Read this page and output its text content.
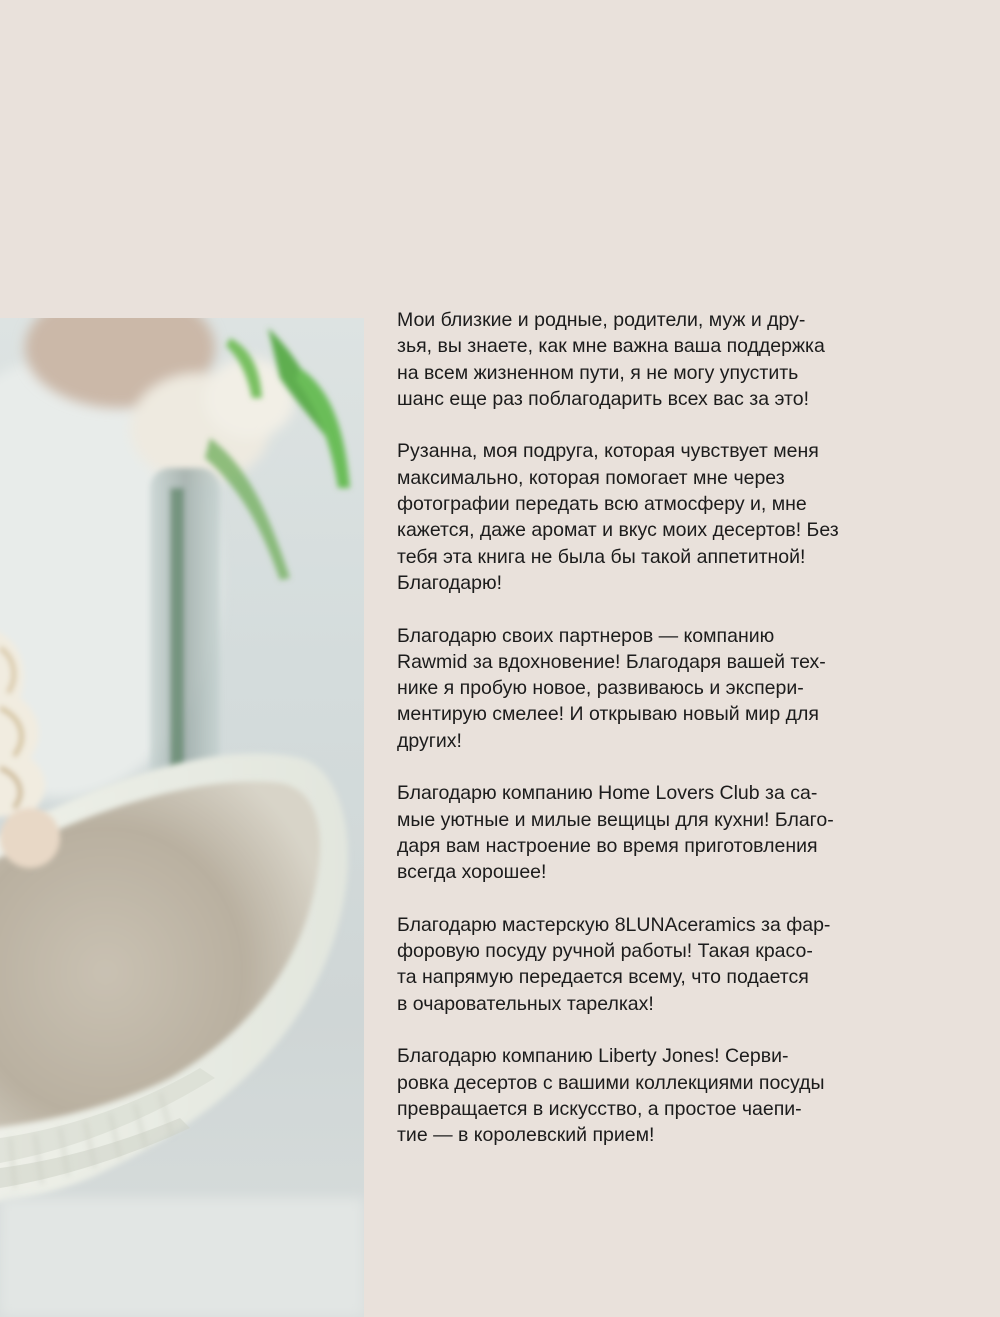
Мои близкие и родные, родители, муж и дру-
зья, вы знаете, как мне важна ваша поддержка
на всем жизненном пути, я не могу упустить
шанс еще раз поблагодарить всех вас за это!

Рузанна, моя подруга, которая чувствует меня
максимально, которая помогает мне через
фотографии передать всю атмосферу и, мне
кажется, даже аромат и вкус моих десертов! Без
тебя эта книга не была бы такой аппетитной!
Благодарю!

Благодарю своих партнеров — компанию
Rawmid за вдохновение! Благодаря вашей тех-
нике я пробую новое, развиваюсь и экспери-
ментирую смелее! И открываю новый мир для
других!

Благодарю компанию Home Lovers Club за са-
мые уютные и милые вещицы для кухни! Благо-
даря вам настроение во время приготовления
всегда хорошее!

Благодарю мастерскую 8LUNAceramics за фар-
форовую посуду ручной работы! Такая красо-
та напрямую передается всему, что подается
в очаровательных тарелках!

Благодарю компанию Liberty Jones! Серви-
ровка десертов с вашими коллекциями посуды
превращается в искусство, а простое чаепи-
тие — в королевский прием!
